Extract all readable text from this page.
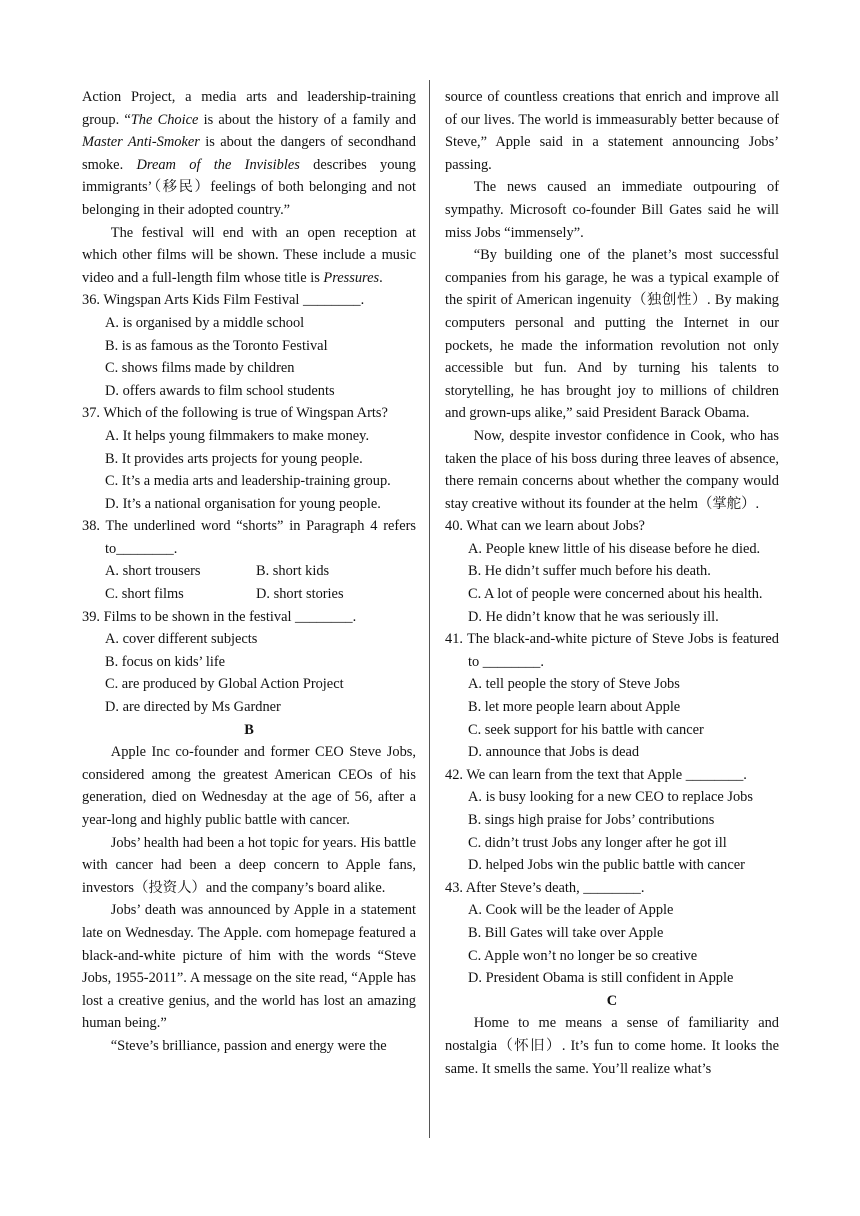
Action Project, a media arts and leadership-training group. “The Choice is about the history of a family and Master Anti-Smoker is about the dangers of secondhand smoke. Dream of the Invisibles describes young immigrants’（移民）feelings of both belonging and not belonging in their adopted country.”

The festival will end with an open reception at which other films will be shown. These include a music video and a full-length film whose title is Pressures.

36. Wingspan Arts Kids Film Festival ________.

A. is organised by a middle school

B. is as famous as the Toronto Festival

C. shows films made by children

D. offers awards to film school students

37. Which of the following is true of Wingspan Arts?

A. It helps young filmmakers to make money.

B. It provides arts projects for young people.

C. It’s a media arts and leadership-training group.

D. It’s a national organisation for young people.

38. The underlined word “shorts” in Paragraph 4 refers to________.

A. short trousers	B. short kids
C. short films	D. short stories

39. Films to be shown in the festival ________.

A. cover different subjects

B. focus on kids’ life

C. are produced by Global Action Project

D. are directed by Ms Gardner

B

Apple Inc co-founder and former CEO Steve Jobs, considered among the greatest American CEOs of his generation, died on Wednesday at the age of 56, after a year-long and highly public battle with cancer.

Jobs’ health had been a hot topic for years. His battle with cancer had been a deep concern to Apple fans, investors（投资人）and the company’s board alike.

Jobs’ death was announced by Apple in a statement late on Wednesday. The Apple. com homepage featured a black-and-white picture of him with the words “Steve Jobs, 1955-2011”. A message on the site read, “Apple has lost a creative genius, and the world has lost an amazing human being.”

“Steve’s brilliance, passion and energy were the

source of countless creations that enrich and improve all of our lives. The world is immeasurably better because of Steve,” Apple said in a statement announcing Jobs’ passing.

The news caused an immediate outpouring of sympathy. Microsoft co-founder Bill Gates said he will miss Jobs “immensely”.

“By building one of the planet’s most successful companies from his garage, he was a typical example of the spirit of American ingenuity（独创性）. By making computers personal and putting the Internet in our pockets, he made the information revolution not only accessible but fun. And by turning his talents to storytelling, he has brought joy to millions of children and grown-ups alike,” said President Barack Obama.

Now, despite investor confidence in Cook, who has taken the place of his boss during three leaves of absence, there remain concerns about whether the company would stay creative without its founder at the helm（掌舵）.

40. What can we learn about Jobs?

A. People knew little of his disease before he died.

B. He didn’t suffer much before his death.

C. A lot of people were concerned about his health.

D. He didn’t know that he was seriously ill.

41. The black-and-white picture of Steve Jobs is featured to ________.

A. tell people the story of Steve Jobs

B. let more people learn about Apple

C. seek support for his battle with cancer

D. announce that Jobs is dead

42. We can learn from the text that Apple ________.

A. is busy looking for a new CEO to replace Jobs

B. sings high praise for Jobs’ contributions

C. didn’t trust Jobs any longer after he got ill

D. helped Jobs win the public battle with cancer

43. After Steve’s death, ________.

A. Cook will be the leader of Apple

B. Bill Gates will take over Apple

C. Apple won’t no longer be so creative

D. President Obama is still confident in Apple

C

Home to me means a sense of familiarity and nostalgia（怀旧）. It’s fun to come home. It looks the same. It smells the same. You’ll realize what’s
